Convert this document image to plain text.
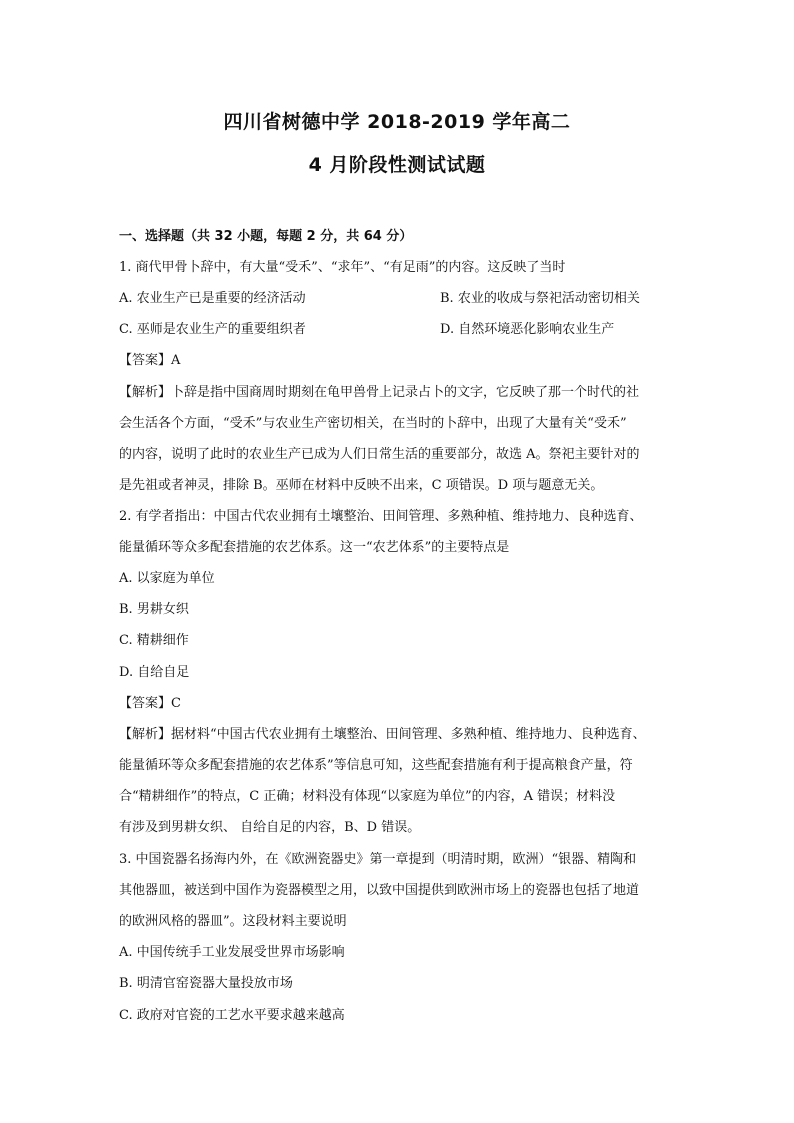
四川省树德中学 2018-2019 学年高二
4 月阶段性测试试题
一、选择题（共 32 小题，每题 2 分，共 64 分）
1. 商代甲骨卜辞中，有大量“受禾”、“求年”、“有足雨”的内容。这反映了当时
A. 农业生产已是重要的经济活动	B. 农业的收成与祭祀活动密切相关
C. 巫师是农业生产的重要组织者	D. 自然环境恶化影响农业生产
【答案】A
【解析】卜辞是指中国商周时期刻在龟甲兽骨上记录占卜的文字，它反映了那一个时代的社
会生活各个方面，“受禾”与农业生产密切相关，在当时的卜辞中，出现了大量有关“受禾”
的内容，说明了此时的农业生产已成为人们日常生活的重要部分，故选 A。祭祀主要针对的
是先祖或者神灵，排除 B。巫师在材料中反映不出来，C 项错误。D 项与题意无关。
2. 有学者指出：中国古代农业拥有土壤整治、田间管理、多熟种植、维持地力、良种选育、
能量循环等众多配套措施的农艺体系。这一“农艺体系”的主要特点是
A. 以家庭为单位
B. 男耕女织
C. 精耕细作
D. 自给自足
【答案】C
【解析】据材料“中国古代农业拥有土壤整治、田间管理、多熟种植、维持地力、良种选育、
能量循环等众多配套措施的农艺体系”等信息可知，这些配套措施有利于提高粮食产量，符
合“精耕细作”的特点，C 正确；材料没有体现“以家庭为单位”的内容，A 错误；材料没
有涉及到男耕女织、 自给自足的内容，B、D 错误。
3. 中国瓷器名扬海内外，在《欧洲瓷器史》第一章提到（明清时期，欧洲）“银器、精陶和
其他器皿，被送到中国作为瓷器模型之用，以致中国提供到欧洲市场上的瓷器也包括了地道
的欧洲风格的器皿”。这段材料主要说明
A. 中国传统手工业发展受世界市场影响
B. 明清官窑瓷器大量投放市场
C. 政府对官瓷的工艺水平要求越来越高
